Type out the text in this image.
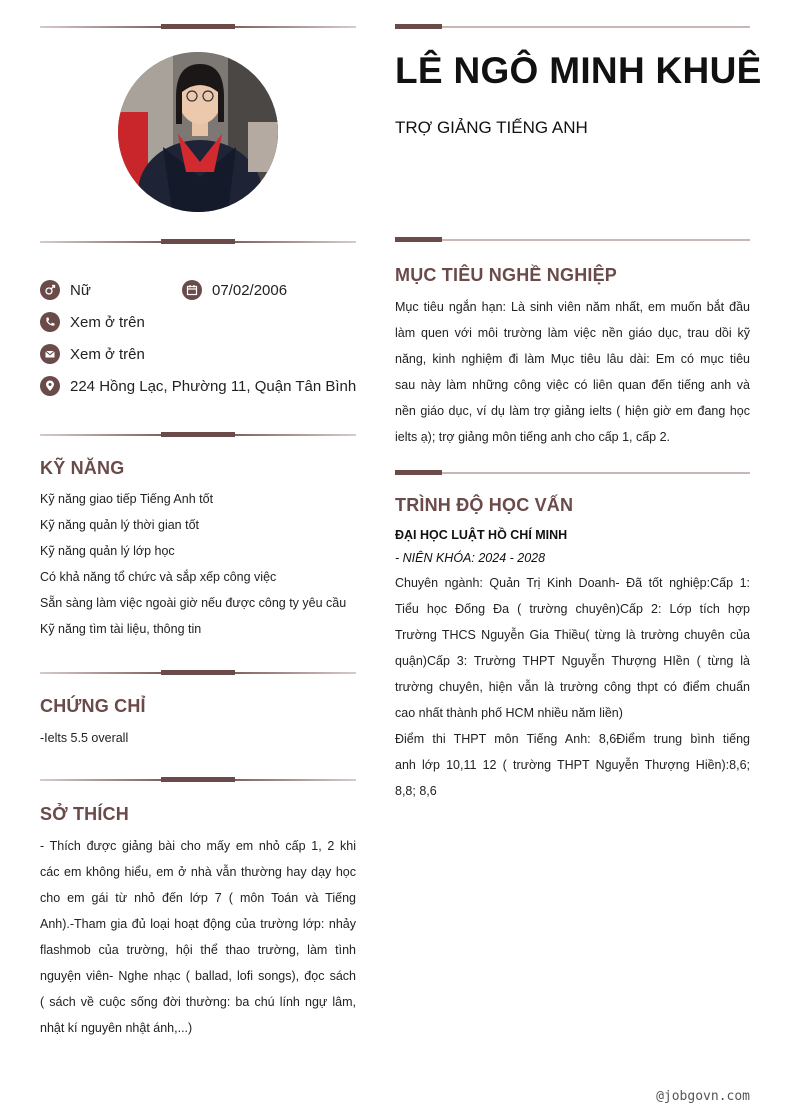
Nữ	07/02/2006
Xem ở trên
Xem ở trên
224 Hồng Lạc, Phường 11, Quận Tân Bình
KỸ NĂNG
Kỹ năng giao tiếp Tiếng Anh tốt
Kỹ năng quản lý thời gian tốt
Kỹ năng quản lý lớp học
Có khả năng tổ chức và sắp xếp công việc
Sẵn sàng làm việc ngoài giờ nếu được công ty yêu cầu
Kỹ năng tìm tài liệu, thông tin
CHỨNG CHỈ
-Ielts 5.5 overall
SỞ THÍCH
- Thích được giảng bài cho mấy em nhỏ cấp 1, 2 khi
các em không hiểu, em ở nhà vẫn thường hay dạy học
cho em gái từ nhỏ đến lớp 7 ( môn Toán và Tiếng
Anh).-Tham gia đủ loại hoạt động của trường lớp: nhảy
flashmob của trường, hội thể thao trường, làm tình
nguyện viên- Nghe nhạc ( ballad, lofi songs), đọc sách
( sách về cuộc sống đời thường: ba chú lính ngự lâm,
nhật kí nguyên nhật ánh,...)
LÊ NGÔ MINH KHUÊ
TRỢ GIẢNG TIẾNG ANH
MỤC TIÊU NGHỀ NGHIỆP
Mục tiêu ngắn hạn: Là sinh viên năm nhất, em muốn bắt đầu
làm quen với môi trường làm việc nền giáo dục, trau dồi kỹ
năng, kinh nghiệm đi làm Mục tiêu lâu dài: Em có mục tiêu
sau này làm những công việc có liên quan đến tiếng anh và
nền giáo dục, ví dụ làm trợ giảng ielts ( hiện giờ em đang học
ielts ạ); trợ giảng môn tiếng anh cho cấp 1, cấp 2.
TRÌNH ĐỘ HỌC VẤN
ĐẠI HỌC LUẬT HỒ CHÍ MINH
- NIÊN KHÓA: 2024 - 2028
Chuyên ngành: Quản Trị Kinh Doanh- Đã tốt nghiệp:Cấp 1:
Tiểu học Đống Đa ( trường chuyên)Cấp 2: Lớp tích hợp
Trường THCS Nguyễn Gia Thiều( từng là trường chuyên của
quận)Cấp 3: Trường THPT Nguyễn Thượng HIền ( từng là
trường chuyên, hiện vẫn là trường công thpt có điểm chuẩn
cao nhất thành phố HCM nhiều năm liền)
Điểm thi THPT môn Tiếng Anh: 8,6Điểm trung bình tiếng
anh lớp 10,11 12 ( trường THPT Nguyễn Thượng Hiền):8,6;
8,8; 8,6
@jobgovn.com
